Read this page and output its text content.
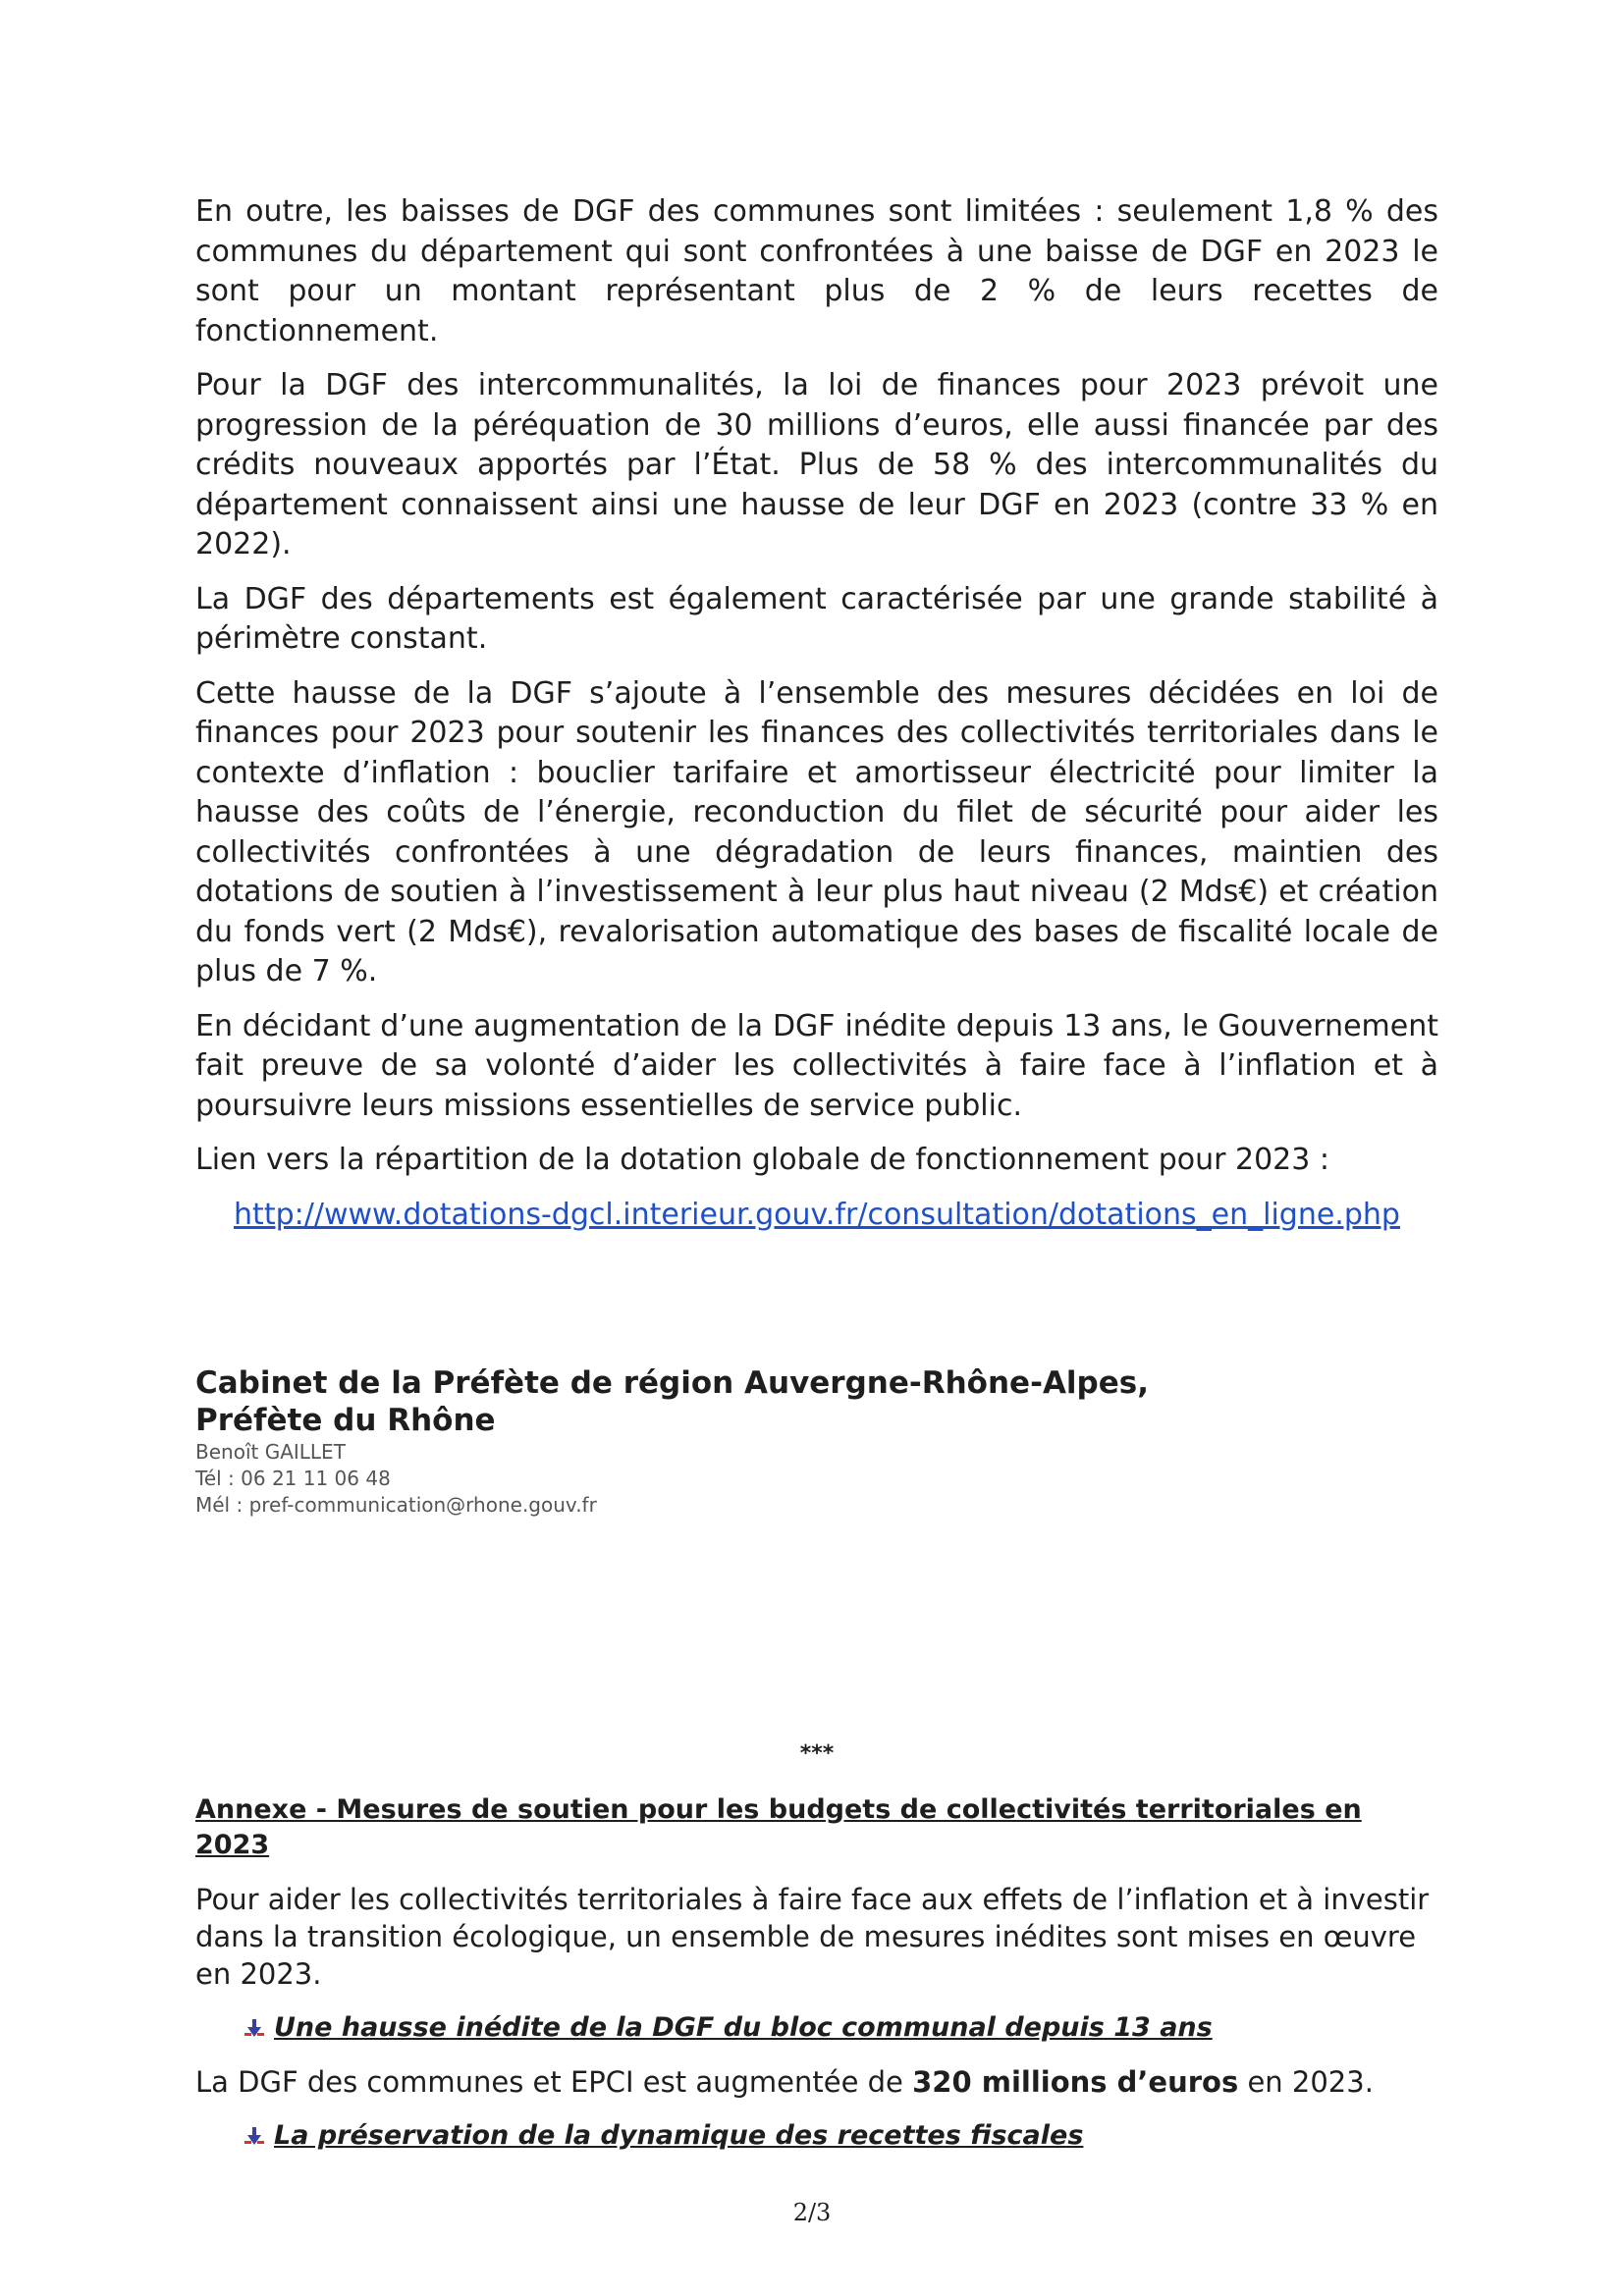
En outre, les baisses de DGF des communes sont limitées : seulement 1,8 % des communes du département qui sont confrontées à une baisse de DGF en 2023 le sont pour un montant représentant plus de 2 % de leurs recettes de fonctionnement.

Pour la DGF des intercommunalités, la loi de finances pour 2023 prévoit une progression de la péréquation de 30 millions d’euros, elle aussi financée par des crédits nouveaux apportés par l’État. Plus de 58 % des intercommunalités du département connaissent ainsi une hausse de leur DGF en 2023 (contre 33 % en 2022).

La DGF des départements est également caractérisée par une grande stabilité à périmètre constant.

Cette hausse de la DGF s’ajoute à l’ensemble des mesures décidées en loi de finances pour 2023 pour soutenir les finances des collectivités territoriales dans le contexte d’inflation : bouclier tarifaire et amortisseur électricité pour limiter la hausse des coûts de l’énergie, reconduction du filet de sécurité pour aider les collectivités confrontées à une dégradation de leurs finances, maintien des dotations de soutien à l’investissement à leur plus haut niveau (2 Mds€) et création du fonds vert (2 Mds€), revalorisation automatique des bases de fiscalité locale de plus de 7 %.

En décidant d’une augmentation de la DGF inédite depuis 13 ans, le Gouvernement fait preuve de sa volonté d’aider les collectivités à faire face à l’inflation et à poursuivre leurs missions essentielles de service public.

Lien vers la répartition de la dotation globale de fonctionnement pour 2023 :

http://www.dotations-dgcl.interieur.gouv.fr/consultation/dotations_en_ligne.php

Cabinet de la Préfète de région Auvergne-Rhône-Alpes,

Préfète du Rhône

Benoît GAILLET

Tél : 06 21 11 06 48

Mél : pref-communication@rhone.gouv.fr

***

Annexe - Mesures de soutien pour les budgets de collectivités territoriales en 2023

Pour aider les collectivités territoriales à faire face aux effets de l’inflation et à investir dans la transition écologique, un ensemble de mesures inédites sont mises en œuvre en 2023.

Une hausse inédite de la DGF du bloc communal depuis 13 ans

La DGF des communes et EPCI est augmentée de 320 millions d’euros en 2023.

La préservation de la dynamique des recettes fiscales
2/3
